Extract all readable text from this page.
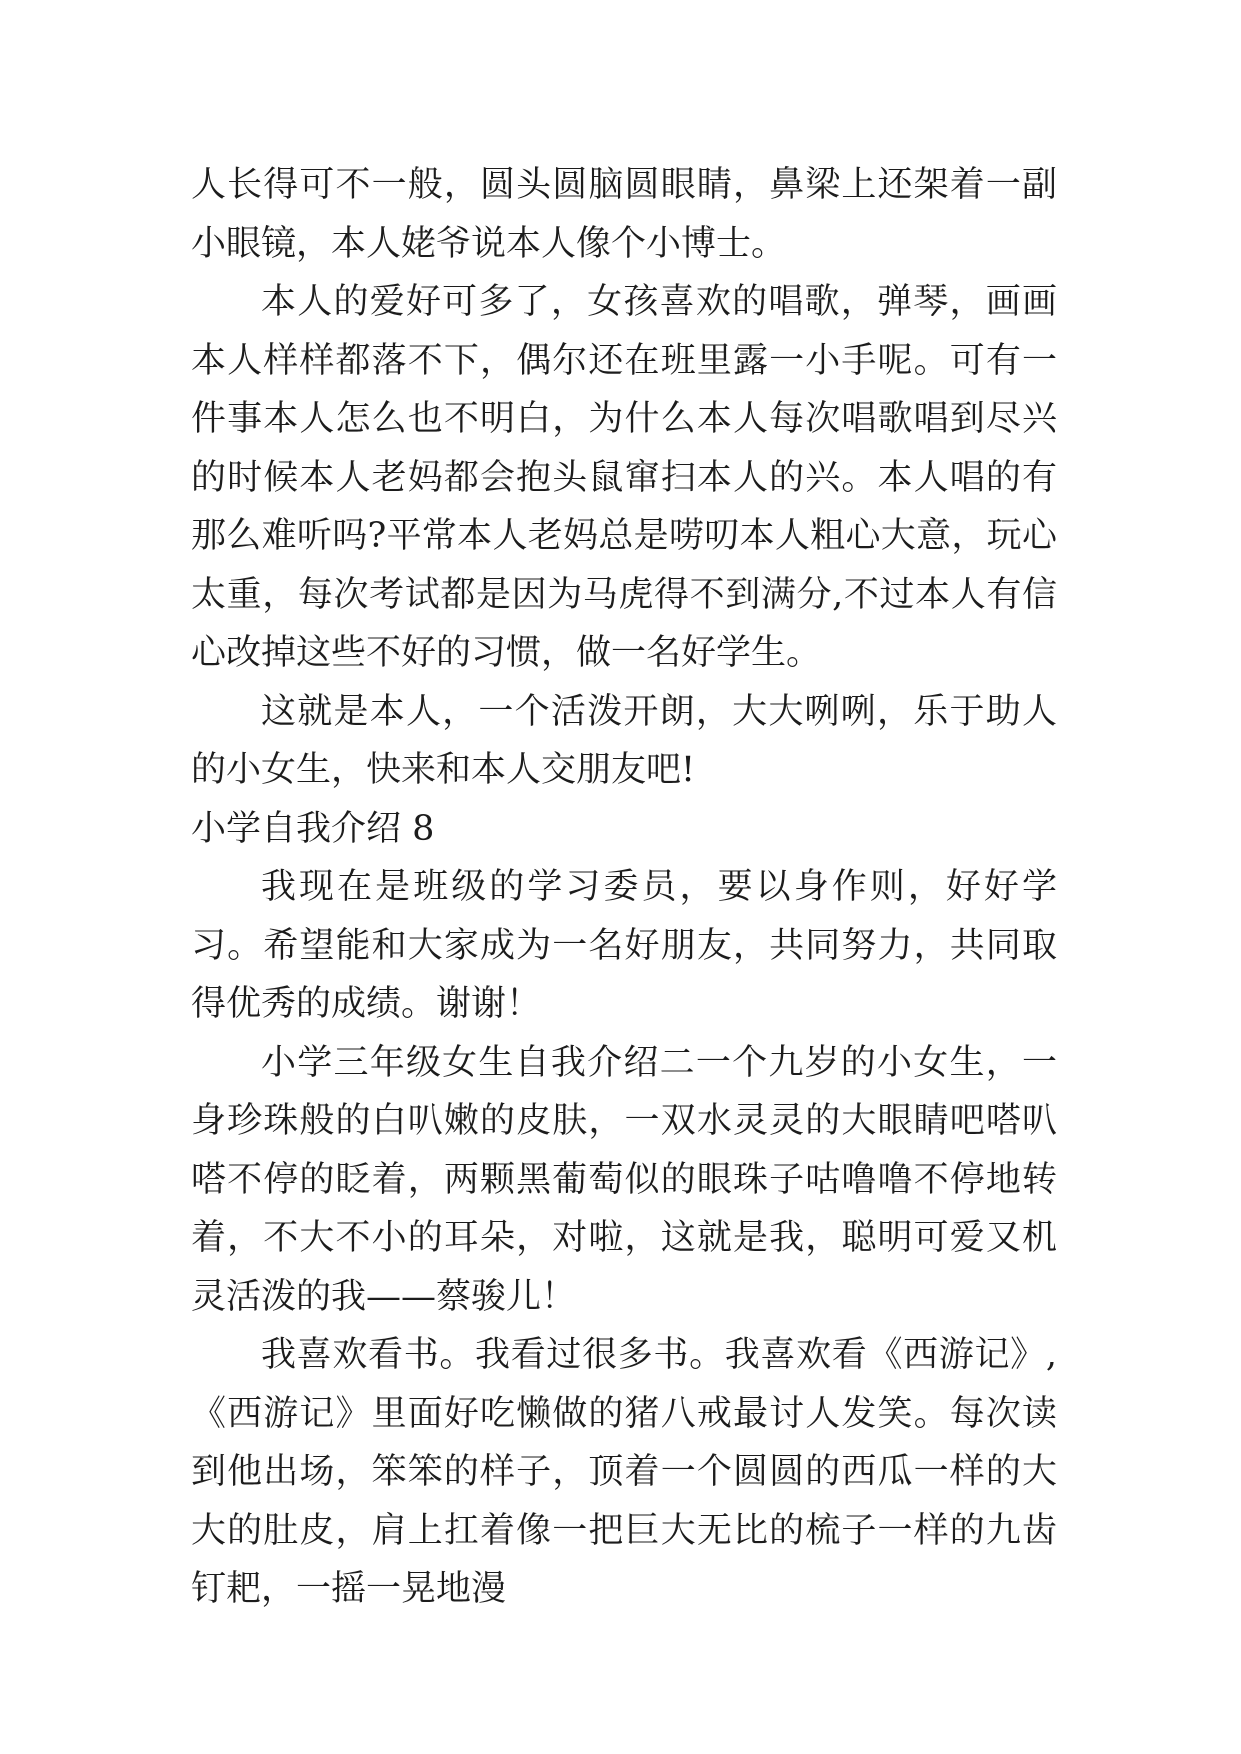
人长得可不一般，圆头圆脑圆眼睛，鼻梁上还架着一副小眼镜，本人姥爷说本人像个小博士。

本人的爱好可多了，女孩喜欢的唱歌，弹琴，画画本人样样都落不下，偶尔还在班里露一小手呢。可有一件事本人怎么也不明白，为什么本人每次唱歌唱到尽兴的时候本人老妈都会抱头鼠窜扫本人的兴。本人唱的有那么难听吗?平常本人老妈总是唠叨本人粗心大意，玩心太重，每次考试都是因为马虎得不到满分,不过本人有信心改掉这些不好的习惯，做一名好学生。

这就是本人，一个活泼开朗，大大咧咧，乐于助人的小女生，快来和本人交朋友吧!

小学自我介绍 8

我现在是班级的学习委员，要以身作则，好好学习。希望能和大家成为一名好朋友，共同努力，共同取得优秀的成绩。谢谢！

小学三年级女生自我介绍二一个九岁的小女生，一身珍珠般的白叭嫩的皮肤，一双水灵灵的大眼睛吧嗒叭嗒不停的眨着，两颗黑葡萄似的眼珠子咕噜噜不停地转着，不大不小的耳朵，对啦，这就是我，聪明可爱又机灵活泼的我——蔡骏儿！

我喜欢看书。我看过很多书。我喜欢看《西游记》,《西游记》里面好吃懒做的猪八戒最讨人发笑。每次读到他出场，笨笨的样子，顶着一个圆圆的西瓜一样的大大的肚皮，肩上扛着像一把巨大无比的梳子一样的九齿钉耙，一摇一晃地漫
